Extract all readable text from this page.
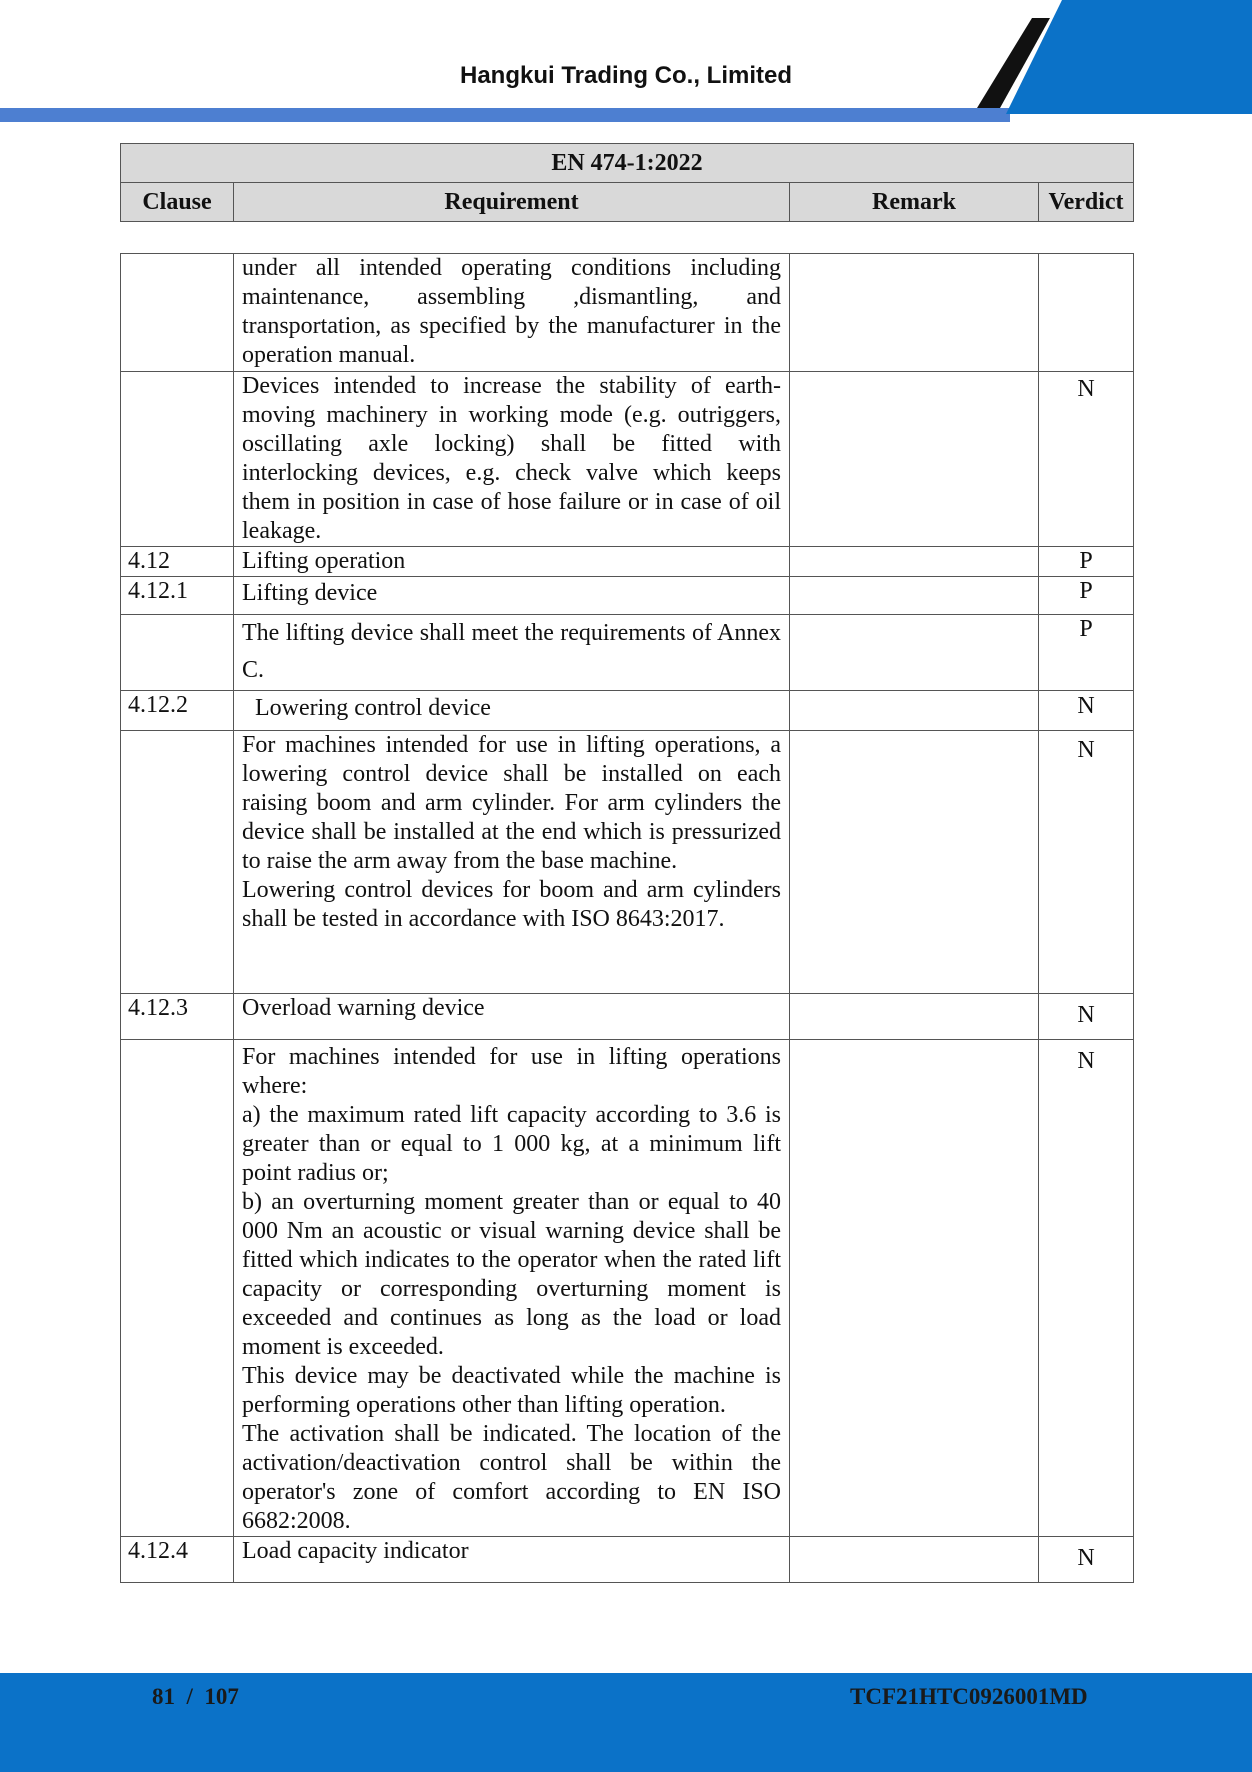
Hangkui Trading Co., Limited
EN 474-1:2022
Clause	Requirement	Remark	Verdict

	under all intended operating conditions including maintenance, assembling ,dismantling, and transportation, as specified by the manufacturer in the operation manual.		

	Devices intended to increase the stability of earth-moving machinery in working mode (e.g. outriggers, oscillating axle locking) shall be fitted with interlocking devices, e.g. check valve which keeps them in position in case of hose failure or in case of oil leakage.		N
4.12	Lifting operation		P
4.12.1	Lifting device		P

	The lifting device shall meet the requirements of Annex C.		P
4.12.2	Lowering control device		N

	For machines intended for use in lifting operations, a lowering control device shall be installed on each raising boom and arm cylinder. For arm cylinders the device shall be installed at the end which is pressurized to raise the arm away from the base machine.
Lowering control devices for boom and arm cylinders shall be tested in accordance with ISO 8643:2017.		N
4.12.3	Overload warning device		N

	For machines intended for use in lifting operations where:
a) the maximum rated lift capacity according to 3.6 is greater than or equal to 1 000 kg, at a minimum lift point radius or;
b) an overturning moment greater than or equal to 40 000 Nm an acoustic or visual warning device shall be fitted which indicates to the operator when the rated lift capacity or corresponding overturning moment is exceeded and continues as long as the load or load moment is exceeded.
This device may be deactivated while the machine is performing operations other than lifting operation.
The activation shall be indicated. The location of the activation/deactivation control shall be within the operator's zone of comfort according to EN ISO 6682:2008.		N
4.12.4	Load capacity indicator		N
81  /  107	TCF21HTC0926001MD
